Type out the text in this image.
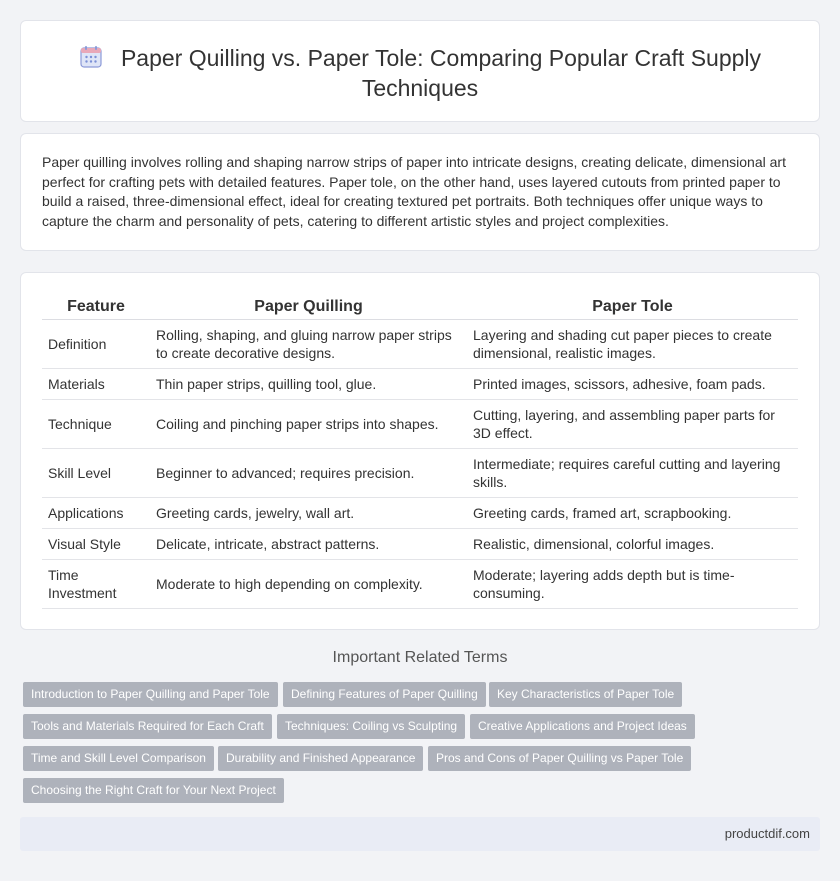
Paper Quilling vs. Paper Tole: Comparing Popular Craft Supply Techniques

Paper quilling involves rolling and shaping narrow strips of paper into intricate designs, creating delicate, dimensional art perfect for crafting pets with detailed features. Paper tole, on the other hand, uses layered cutouts from printed paper to build a raised, three-dimensional effect, ideal for creating textured pet portraits. Both techniques offer unique ways to capture the charm and personality of pets, catering to different artistic styles and project complexities.

Feature	Paper Quilling	Paper Tole
Definition	Rolling, shaping, and gluing narrow paper strips to create decorative designs.	Layering and shading cut paper pieces to create dimensional, realistic images.
Materials	Thin paper strips, quilling tool, glue.	Printed images, scissors, adhesive, foam pads.
Technique	Coiling and pinching paper strips into shapes.	Cutting, layering, and assembling paper parts for 3D effect.
Skill Level	Beginner to advanced; requires precision.	Intermediate; requires careful cutting and layering skills.
Applications	Greeting cards, jewelry, wall art.	Greeting cards, framed art, scrapbooking.
Visual Style	Delicate, intricate, abstract patterns.	Realistic, dimensional, colorful images.
Time Investment	Moderate to high depending on complexity.	Moderate; layering adds depth but is time-consuming.
Important Related Terms
Introduction to Paper Quilling and Paper Tole	Defining Features of Paper Quilling	Key Characteristics of Paper Tole
Tools and Materials Required for Each Craft	Techniques: Coiling vs Sculpting	Creative Applications and Project Ideas
Time and Skill Level Comparison	Durability and Finished Appearance	Pros and Cons of Paper Quilling vs Paper Tole
Choosing the Right Craft for Your Next Project
productdif.com
